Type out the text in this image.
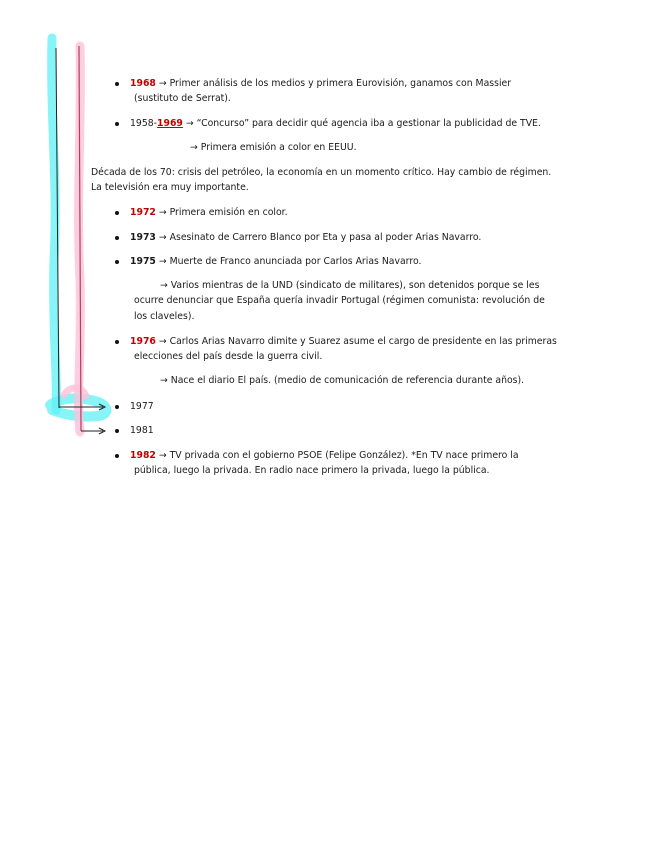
1968 → Primer análisis de los medios y primera Eurovisión, ganamos con Massier
(sustituto de Serrat).
1958-1969 → “Concurso” para decidir qué agencia iba a gestionar la publicidad de TVE.
→ Primera emisión a color en EEUU.
Década de los 70: crisis del petróleo, la economía en un momento crítico. Hay cambio de régimen.
La televisión era muy importante.
1972 → Primera emisión en color.
1973 → Asesinato de Carrero Blanco por Eta y pasa al poder Arias Navarro.
1975 → Muerte de Franco anunciada por Carlos Arias Navarro.
→ Varios mientras de la UND (sindicato de militares), son detenidos porque se les
ocurre denunciar que España quería invadir Portugal (régimen comunista: revolución de
los claveles).
1976 → Carlos Arias Navarro dimite y Suarez asume el cargo de presidente en las primeras
elecciones del país desde la guerra civil.
→ Nace el diario El país. (medio de comunicación de referencia durante años).
1977
1981
1982 → TV privada con el gobierno PSOE (Felipe González). *En TV nace primero la
pública, luego la privada. En radio nace primero la privada, luego la pública.
